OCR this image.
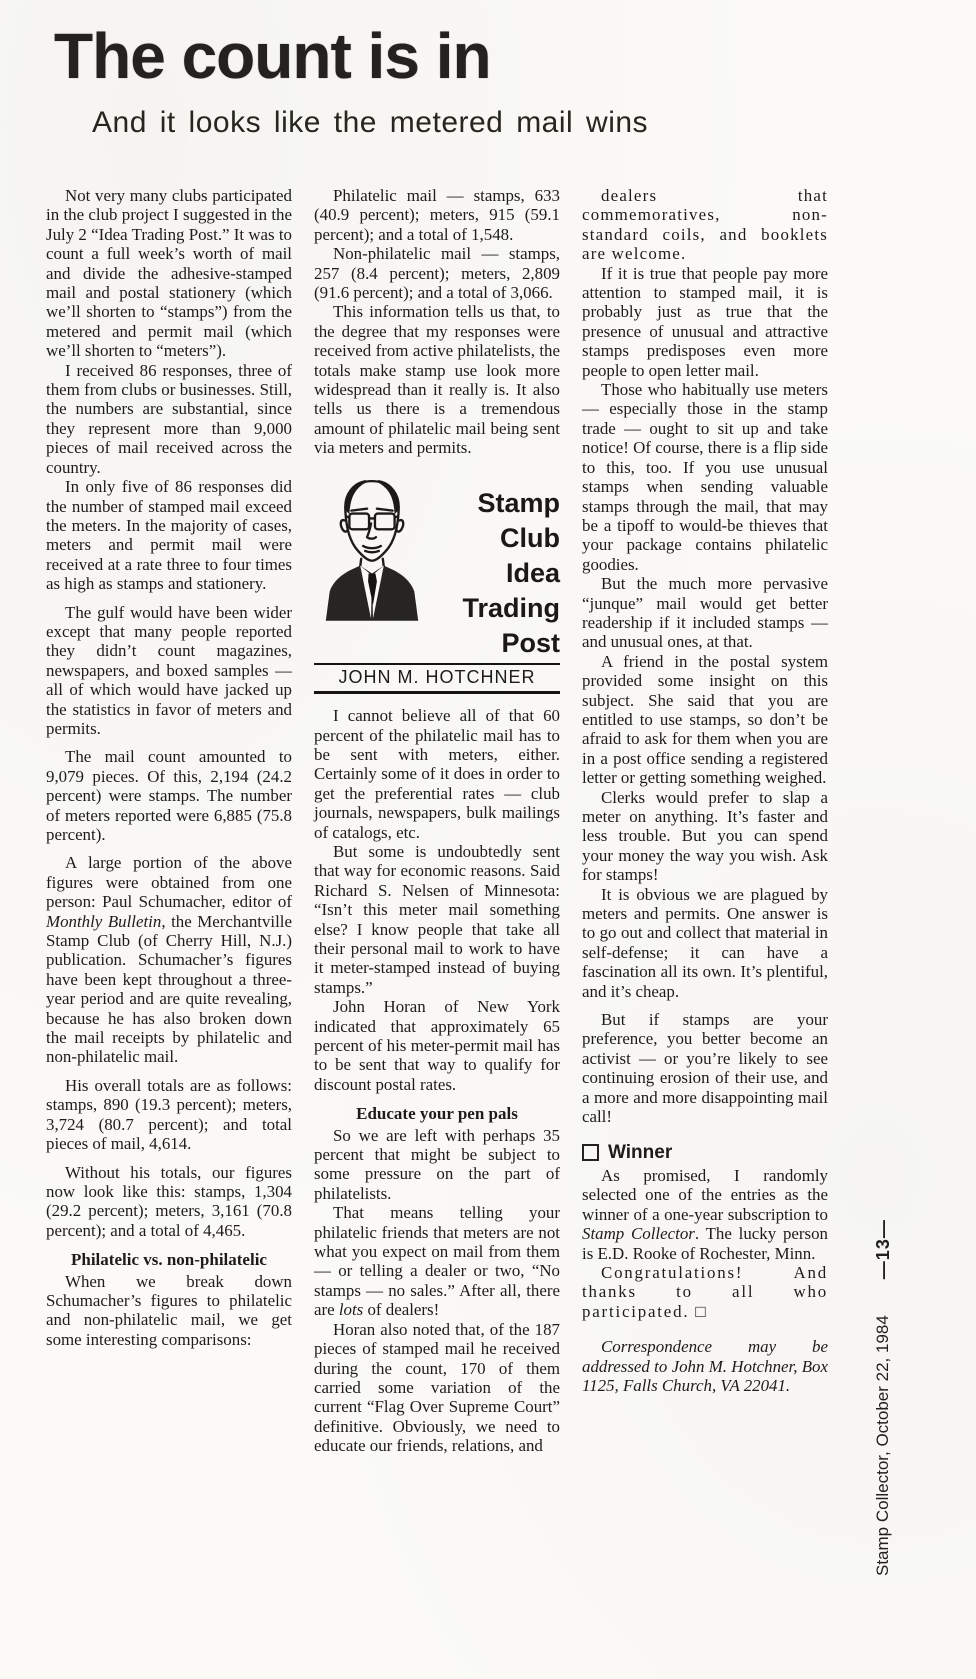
The count is in
And it looks like the metered mail wins

Not very many clubs participated in the club project I suggested in the July 2 “Idea Trading Post.” It was to count a full week’s worth of mail and divide the adhesive-stamped mail and postal stationery (which we’ll shorten to “stamps”) from the metered and permit mail (which we’ll shorten to “meters”).

I received 86 responses, three of them from clubs or businesses. Still, the numbers are substantial, since they represent more than 9,000 pieces of mail received across the country.

In only five of 86 responses did the number of stamped mail exceed the meters. In the majority of cases, meters and permit mail were received at a rate three to four times as high as stamps and stationery.

The gulf would have been wider except that many people reported they didn’t count magazines, newspapers, and boxed samples — all of which would have jacked up the statistics in favor of meters and permits.

The mail count amounted to 9,079 pieces. Of this, 2,194 (24.2 percent) were stamps. The number of meters reported were 6,885 (75.8 percent).

A large portion of the above figures were obtained from one person: Paul Schumacher, editor of Monthly Bulletin, the Merchantville Stamp Club (of Cherry Hill, N.J.) publication. Schumacher’s figures have been kept throughout a three-year period and are quite revealing, because he has also broken down the mail receipts by philatelic and non-philatelic mail.

His overall totals are as follows: stamps, 890 (19.3 percent); meters, 3,724 (80.7 percent); and total pieces of mail, 4,614.

Without his totals, our figures now look like this: stamps, 1,304 (29.2 percent); meters, 3,161 (70.8 percent); and a total of 4,465.

Philatelic vs. non-philatelic

When we break down Schumacher’s figures to philatelic and non-philatelic mail, we get some interesting comparisons:

Philatelic mail — stamps, 633 (40.9 percent); meters, 915 (59.1 percent); and a total of 1,548.

Non-philatelic mail — stamps, 257 (8.4 percent); meters, 2,809 (91.6 percent); and a total of 3,066.

This information tells us that, to the degree that my responses were received from active philatelists, the totals make stamp use look more widespread than it really is. It also tells us there is a tremendous amount of philatelic mail being sent via meters and permits.

Stamp Club
Idea
Trading
Post
JOHN M. HOTCHNER

I cannot believe all of that 60 percent of the philatelic mail has to be sent with meters, either. Certainly some of it does in order to get the preferential rates — club journals, newspapers, bulk mailings of catalogs, etc.

But some is undoubtedly sent that way for economic reasons. Said Richard S. Nelsen of Minnesota: “Isn’t this meter mail something else? I know people that take all their personal mail to work to have it meter-stamped instead of buying stamps.”

John Horan of New York indicated that approximately 65 percent of his meter-permit mail has to be sent that way to qualify for discount postal rates.

Educate your pen pals

So we are left with perhaps 35 percent that might be subject to some pressure on the part of philatelists.

That means telling your philatelic friends that meters are not what you expect on mail from them — or telling a dealer or two, “No stamps — no sales.” After all, there are lots of dealers!

Horan also noted that, of the 187 pieces of stamped mail he received during the count, 170 of them carried some variation of the current “Flag Over Supreme Court” definitive. Obviously, we need to educate our friends, relations, and

dealers that commemoratives, non-standard coils, and booklets are welcome.

If it is true that people pay more attention to stamped mail, it is probably just as true that the presence of unusual and attractive stamps predisposes even more people to open letter mail.

Those who habitually use meters — especially those in the stamp trade — ought to sit up and take notice! Of course, there is a flip side to this, too. If you use unusual stamps when sending valuable stamps through the mail, that may be a tipoff to would-be thieves that your package contains philatelic goodies.

But the much more pervasive “junque” mail would get better readership if it included stamps — and unusual ones, at that.

A friend in the postal system provided some insight on this subject. She said that you are entitled to use stamps, so don’t be afraid to ask for them when you are in a post office sending a registered letter or getting something weighed.

Clerks would prefer to slap a meter on anything. It’s faster and less trouble. But you can spend your money the way you wish. Ask for stamps!

It is obvious we are plagued by meters and permits. One answer is to go out and collect that material in self-defense; it can have a fascination all its own. It’s plentiful, and it’s cheap.

But if stamps are your preference, you better become an activist — or you’re likely to see continuing erosion of their use, and a more and more disappointing mail call!

Winner

As promised, I randomly selected one of the entries as the winner of a one-year subscription to Stamp Collector. The lucky person is E.D. Rooke of Rochester, Minn.

Congratulations! And thanks to all who participated. □

Correspondence may be addressed to John M. Hotchner, Box 1125, Falls Church, VA 22041.	Stamp Collector, October 22, 1984
—13—
